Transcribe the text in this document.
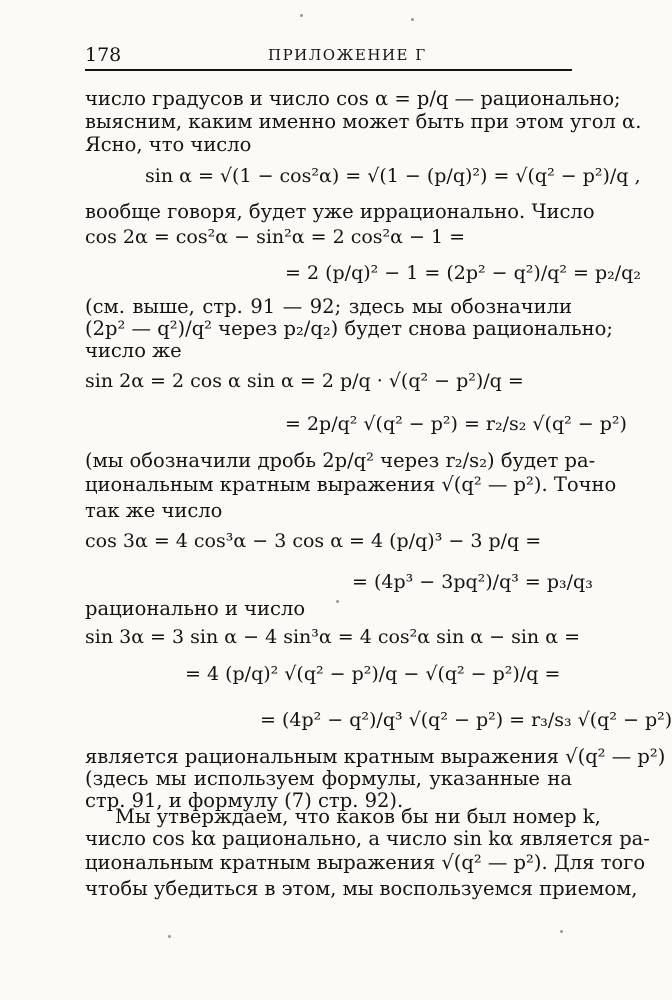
178	ПРИЛОЖЕНИЕ Г
число градусов и число cos α = p/q — рационально;
выясним, каким именно может быть при этом угол α.
Ясно, что число
sin α = √(1 − cos²α) = √(1 − (p/q)²) = √(q² − p²)/q ,
вообще говоря, будет уже иррационально. Число
cos 2α = cos²α − sin²α = 2 cos²α − 1 =
= 2 (p/q)² − 1 = (2p² − q²)/q² = p₂/q₂
(см. выше, стр. 91 — 92; здесь мы обозначили
(2p² — q²)/q² через p₂/q₂) будет снова рационально;
число же
sin 2α = 2 cos α sin α = 2 p/q · √(q² − p²)/q =
= 2p/q² √(q² − p²) = r₂/s₂ √(q² − p²)
(мы обозначили дробь 2p/q² через r₂/s₂) будет ра-
циональным кратным выражения √(q² — p²). Точно
так же число
cos 3α = 4 cos³α − 3 cos α = 4 (p/q)³ − 3 p/q =
= (4p³ − 3pq²)/q³ = p₃/q₃
рационально и число
sin 3α = 3 sin α − 4 sin³α = 4 cos²α sin α − sin α =
= 4 (p/q)² √(q² − p²)/q − √(q² − p²)/q =
= (4p² − q²)/q³ √(q² − p²) = r₃/s₃ √(q² − p²)
является рациональным кратным выражения √(q² — p²)
(здесь мы используем формулы, указанные на
стр. 91, и формулу (7) стр. 92).
Мы утверждаем, что каков бы ни был номер k,
число cos kα рационально, а число sin kα является ра-
циональным кратным выражения √(q² — p²). Для того
чтобы убедиться в этом, мы воспользуемся приемом,
